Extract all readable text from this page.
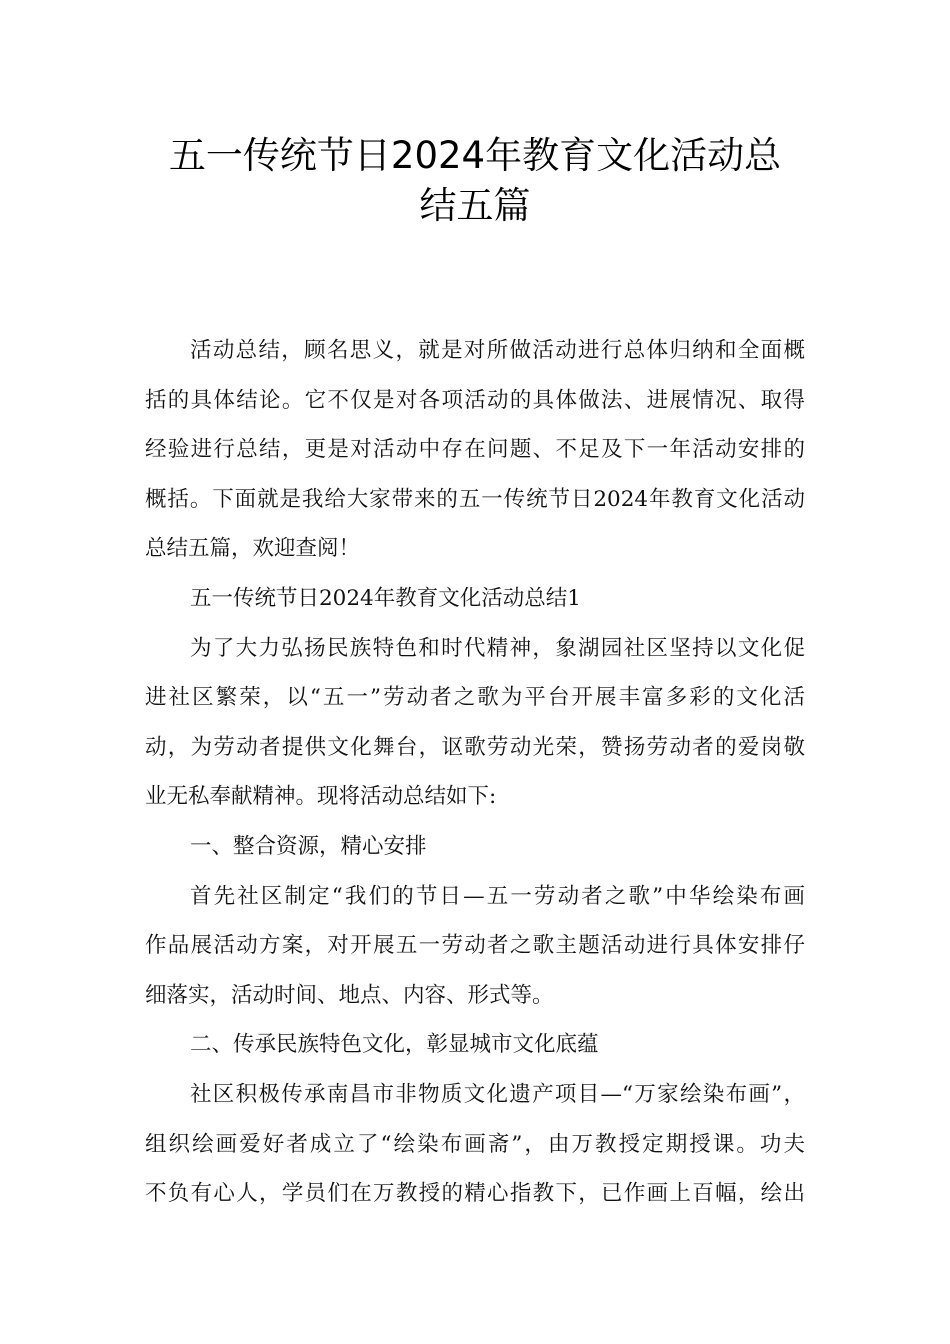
五一传统节日2024年教育文化活动总
结五篇
活动总结，顾名思义，就是对所做活动进行总体归纳和全面概
括的具体结论。它不仅是对各项活动的具体做法、进展情况、取得
经验进行总结，更是对活动中存在问题、不足及下一年活动安排的
概括。下面就是我给大家带来的五一传统节日2024年教育文化活动
总结五篇，欢迎查阅！
五一传统节日2024年教育文化活动总结1
为了大力弘扬民族特色和时代精神，象湖园社区坚持以文化促
进社区繁荣，以“五一”劳动者之歌为平台开展丰富多彩的文化活
动，为劳动者提供文化舞台，讴歌劳动光荣，赞扬劳动者的爱岗敬
业无私奉献精神。现将活动总结如下:
一、整合资源，精心安排
首先社区制定“我们的节日—五一劳动者之歌”中华绘染布画
作品展活动方案，对开展五一劳动者之歌主题活动进行具体安排仔
细落实，活动时间、地点、内容、形式等。
二、传承民族特色文化，彰显城市文化底蕴
社区积极传承南昌市非物质文化遗产项目—“万家绘染布画”，
组织绘画爱好者成立了“绘染布画斋”，由万教授定期授课。功夫
不负有心人，学员们在万教授的精心指教下，已作画上百幅，绘出
